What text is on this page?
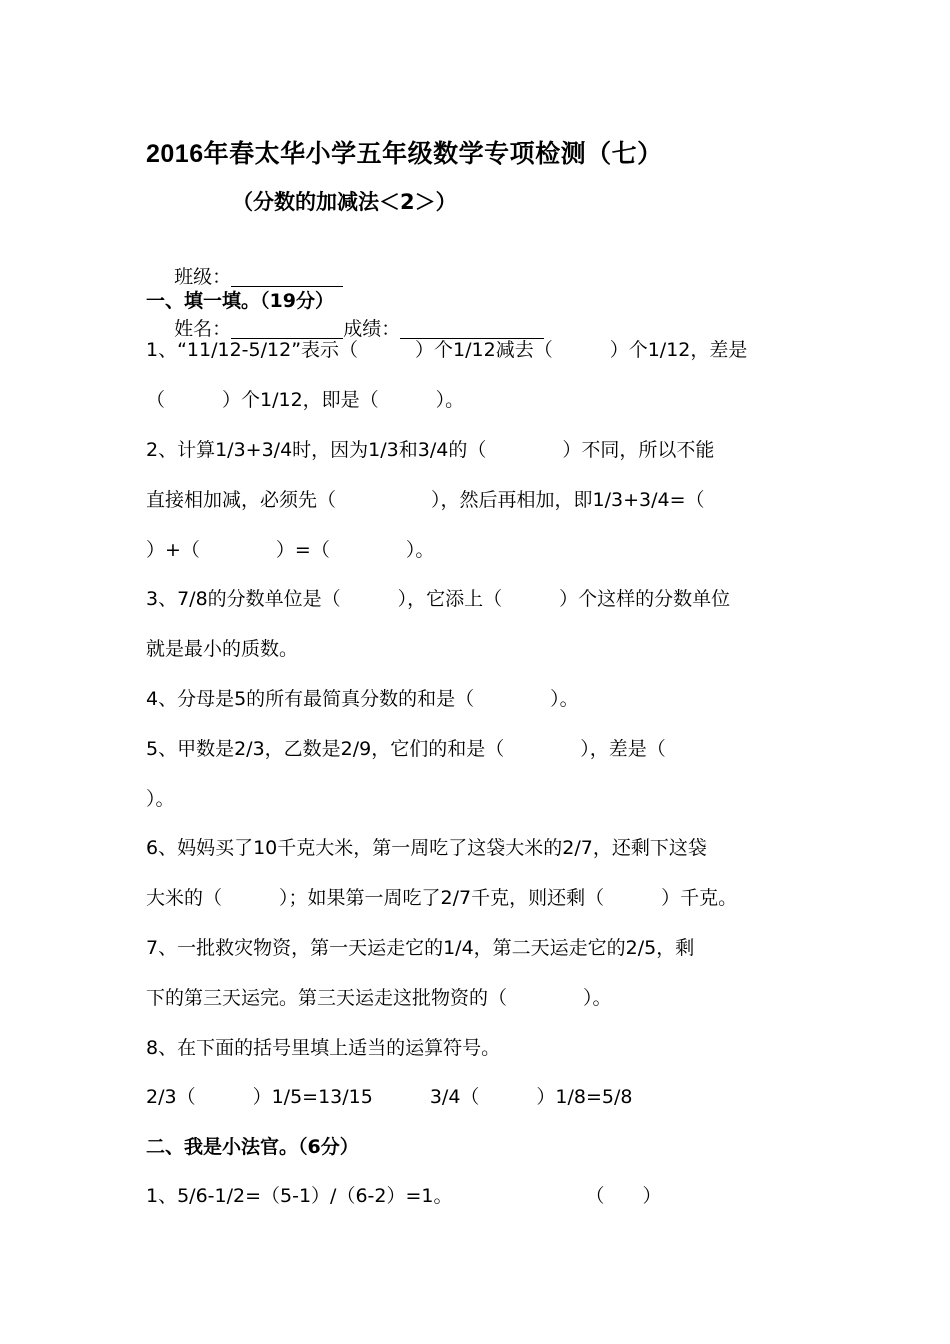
2016年春太华小学五年级数学专项检测（七）
（分数的加减法＜2＞）

班级：

姓名：	成绩：

一、填一填。（19分）
1、“11/12-5/12”表示（　　　）个1/12减去（　　　）个1/12，差是
（　　　）个1/12，即是（　　　）。
2、计算1/3+3/4时，因为1/3和3/4的（　　　　）不同，所以不能
直接相加减，必须先（　　　　　），然后再相加，即1/3+3/4=（
）+（　　　　）=（　　　　）。
3、7/8的分数单位是（　　　），它添上（　　　）个这样的分数单位
就是最小的质数。
4、分母是5的所有最简真分数的和是（　　　　）。
5、甲数是2/3，乙数是2/9，它们的和是（　　　　），差是（
）。
6、妈妈买了10千克大米，第一周吃了这袋大米的2/7，还剩下这袋
大米的（　　　）；如果第一周吃了2/7千克，则还剩（　　　）千克。
7、一批救灾物资，第一天运走它的1/4，第二天运走它的2/5，剩
下的第三天运完。第三天运走这批物资的（　　　　）。
8、在下面的括号里填上适当的运算符号。
2/3（　　　）1/5=13/15　　　3/4（　　　）1/8=5/8
二、我是小法官。（6分）
1、5/6-1/2=（5-1）/（6-2）=1。　　　　　　　　（　　）
